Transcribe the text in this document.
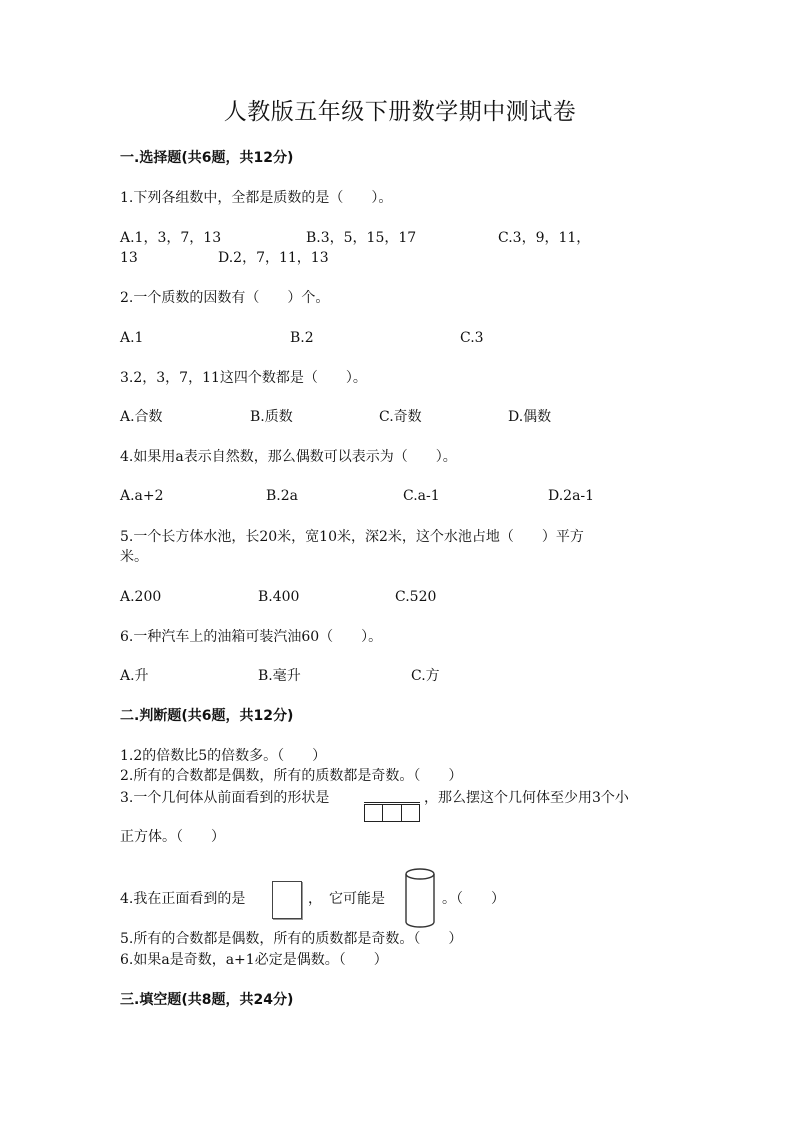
人教版五年级下册数学期中测试卷
一.选择题(共6题，共12分)
1.下列各组数中，全都是质数的是（　　）。
A.1，3，7，13	B.3，5，15，17	C.3，9，11，
13	D.2，7，11，13
2.一个质数的因数有（　　）个。
A.1	B.2	C.3
3.2，3，7，11这四个数都是（　　）。
A.合数	B.质数	C.奇数	D.偶数
4.如果用a表示自然数，那么偶数可以表示为（　　）。
A.a+2	B.2a	C.a-1	D.2a-1
5.一个长方体水池，长20米，宽10米，深2米，这个水池占地（　　）平方
米。
A.200	B.400	C.520
6.一种汽车上的油箱可装汽油60（　　）。
A.升	B.毫升	C.方
二.判断题(共6题，共12分)
1.2的倍数比5的倍数多。（　　）
2.所有的合数都是偶数，所有的质数都是奇数。（　　）
3.一个几何体从前面看到的形状是	，那么摆这个几何体至少用3个小
正方体。（　　）
4.我在正面看到的是	，　它可能是	。（　　）
5.所有的合数都是偶数，所有的质数都是奇数。（　　）
6.如果a是奇数，a+1必定是偶数。（　　）
三.填空题(共8题，共24分)
